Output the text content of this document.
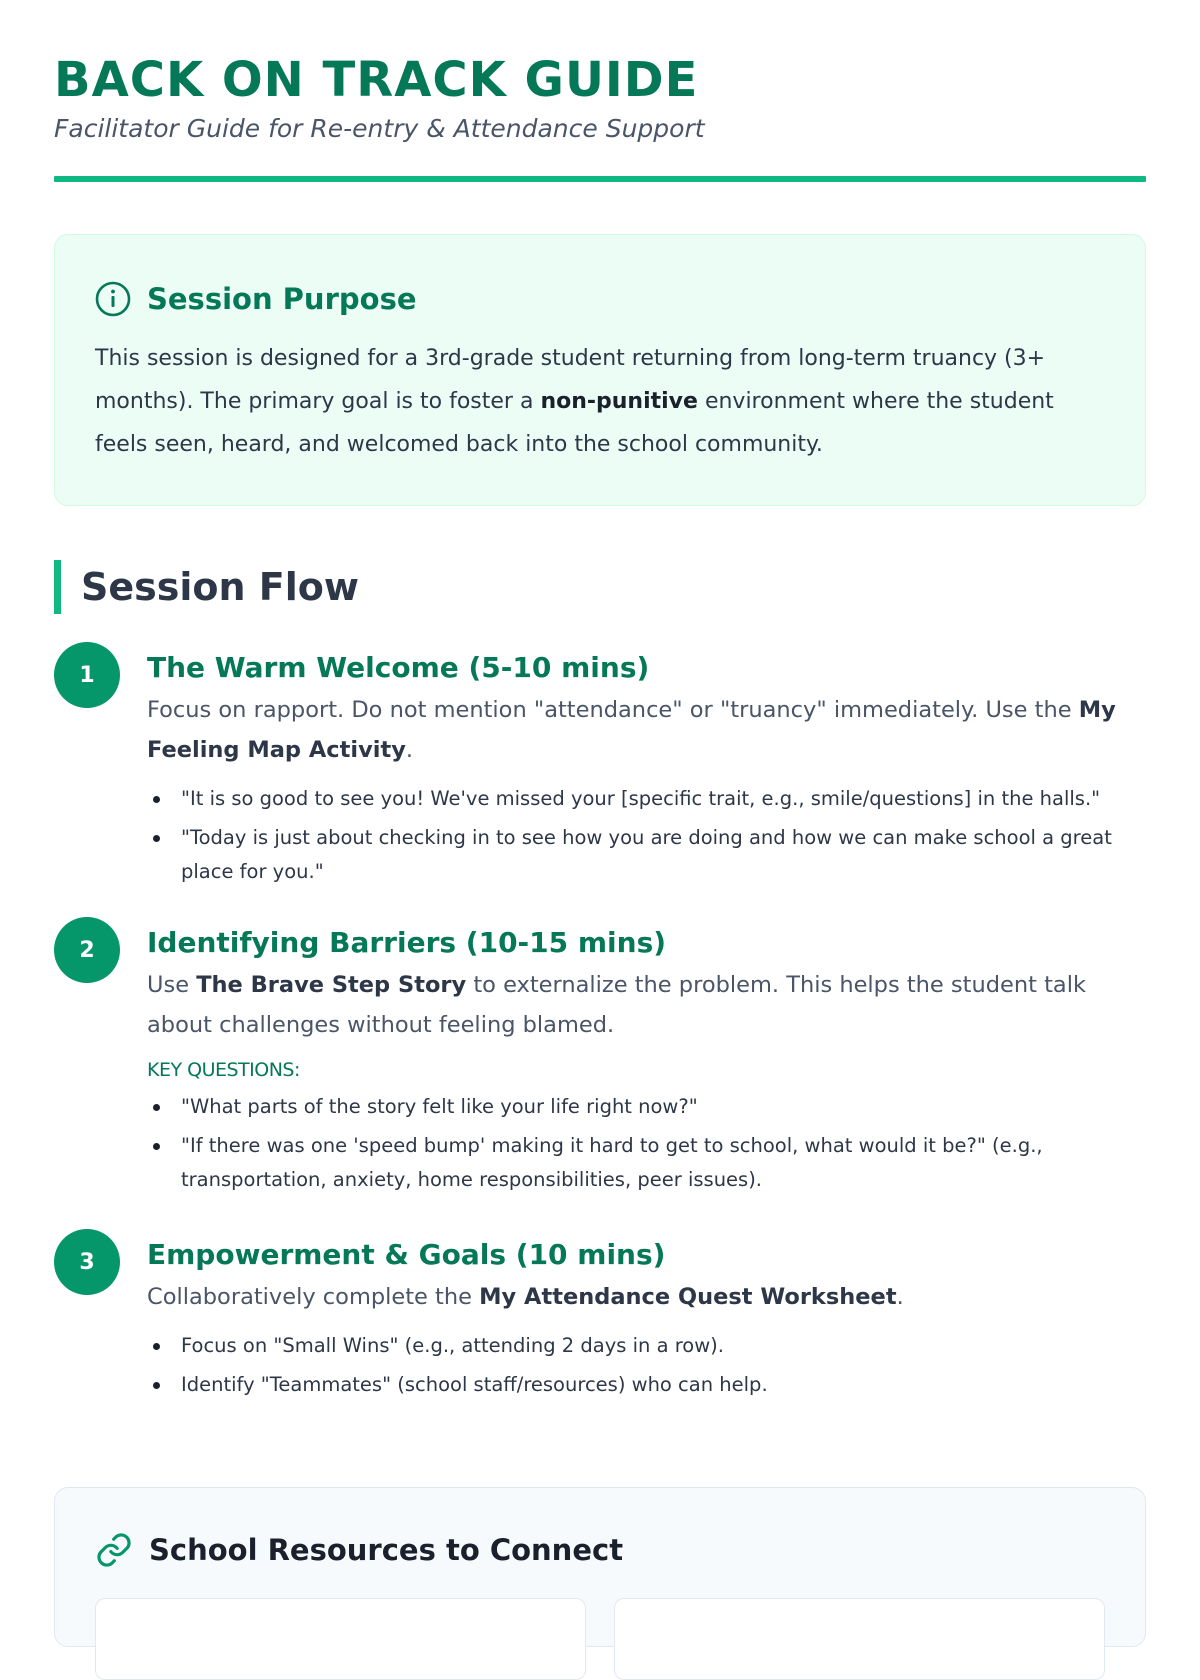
BACK ON TRACK GUIDE
Facilitator Guide for Re-entry & Attendance Support
Session Purpose

This session is designed for a 3rd-grade student returning from long-term truancy (3+ months). The primary goal is to foster a non-punitive environment where the student feels seen, heard, and welcomed back into the school community.

Session Flow
1	The Warm Welcome (5-10 mins)
Focus on rapport. Do not mention "attendance" or "truancy" immediately. Use the My Feeling Map Activity.
"It is so good to see you! We've missed your [specific trait, e.g., smile/questions] in the halls."
"Today is just about checking in to see how you are doing and how we can make school a great place for you."
2	Identifying Barriers (10-15 mins)
Use The Brave Step Story to externalize the problem. This helps the student talk about challenges without feeling blamed.
KEY QUESTIONS:
"What parts of the story felt like your life right now?"
"If there was one 'speed bump' making it hard to get to school, what would it be?" (e.g., transportation, anxiety, home responsibilities, peer issues).
3	Empowerment & Goals (10 mins)
Collaboratively complete the My Attendance Quest Worksheet.
Focus on "Small Wins" (e.g., attending 2 days in a row).
Identify "Teammates" (school staff/resources) who can help.
School Resources to Connect
